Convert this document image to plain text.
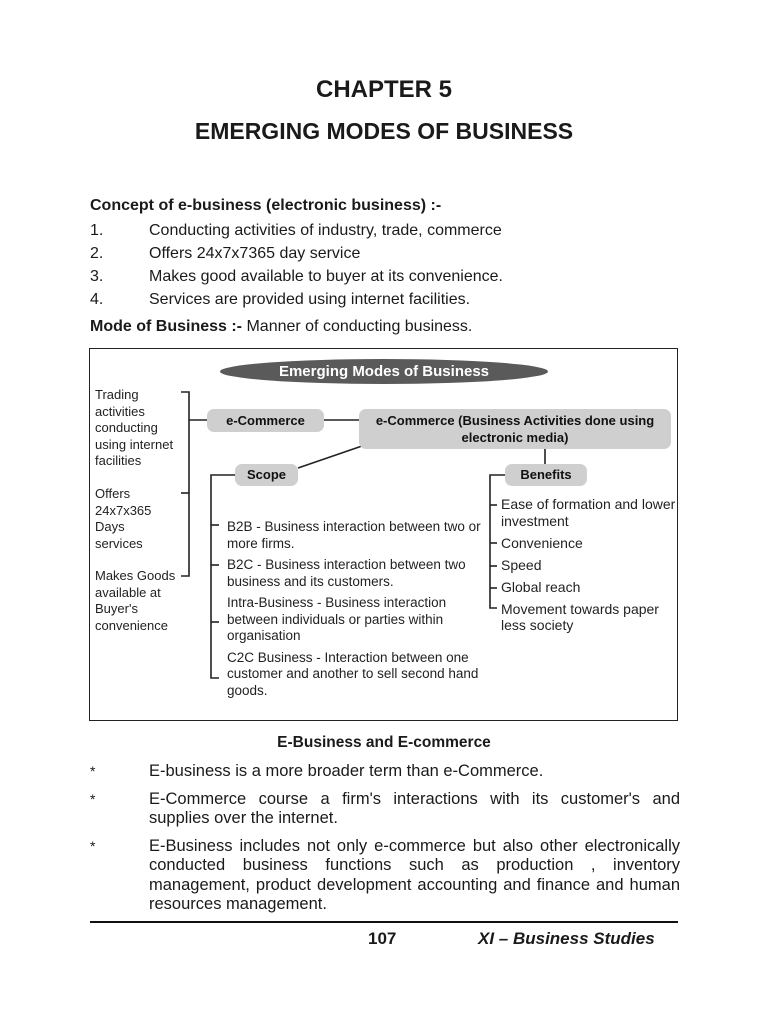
CHAPTER 5
EMERGING MODES OF BUSINESS
Concept of e-business (electronic business) :-
1.	Conducting activities of industry, trade, commerce
2.	Offers 24x7x7365 day service
3.	Makes good available to buyer at its convenience.
4.	Services are provided using internet facilities.
Mode of Business :- Manner of conducting business.
Emerging Modes of Business
e-Commerce	e-Commerce (Business Activities done using electronic media)
Scope	Benefits
Trading activities conducting using internet facilities
Offers 24x7x365 Days services
Makes Goods available at Buyer's convenience
B2B - Business interaction between two or more firms.
B2C - Business interaction between two business and its customers.
Intra-Business - Business interaction between individuals or parties within organisation
C2C Business - Interaction between one customer and another to sell second hand goods.
Ease of formation and lower investment
Convenience
Speed
Global reach
Movement towards paper less society
E-Business and E-commerce
*	E-business is a more broader term than e-Commerce.
*	E-Commerce course a firm's interactions with its customer's and supplies over the internet.
*	E-Business includes not only e-commerce but also other electronically conducted business functions such as production , inventory management, product development accounting and finance and human resources management.
107	XI – Business Studies
